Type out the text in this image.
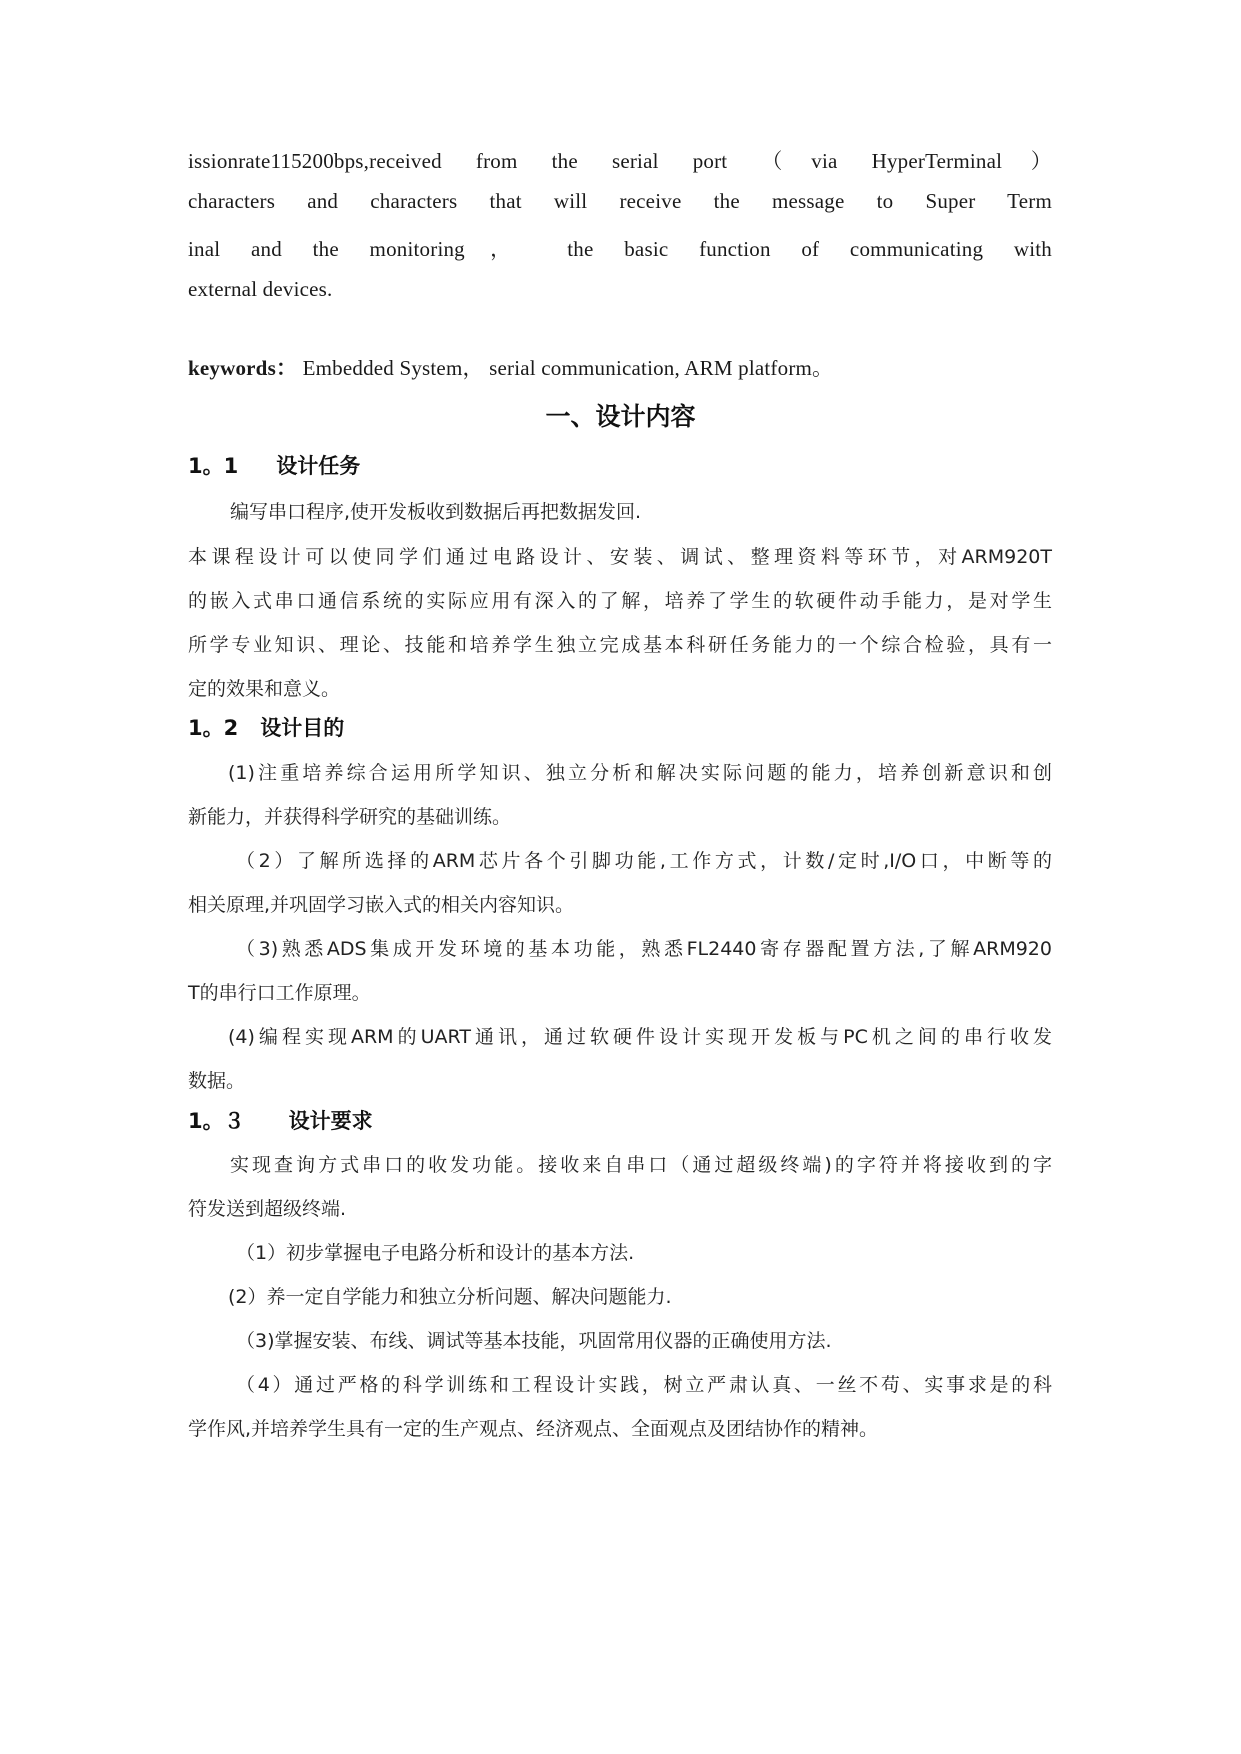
issionrate115200bps,received from the serial port （via HyperTerminal）
characters and characters that will receive the message to Super Term
inal and the monitoring， the basic function of communicating with
external devices.
keywords： Embedded System， serial communication, ARM platform。
一、设计内容
1。1 设计任务
编写串口程序,使开发板收到数据后再把数据发回.
本课程设计可以使同学们通过电路设计、安装、调试、整理资料等环节，对ARM920T
的嵌入式串口通信系统的实际应用有深入的了解，培养了学生的软硬件动手能力，是对学生
所学专业知识、理论、技能和培养学生独立完成基本科研任务能力的一个综合检验，具有一
定的效果和意义。
1。2 设计目的
(1)注重培养综合运用所学知识、独立分析和解决实际问题的能力，培养创新意识和创
新能力，并获得科学研究的基础训练。
（2）了解所选择的ARM芯片各个引脚功能,工作方式，计数/定时,I/O口，中断等的
相关原理,并巩固学习嵌入式的相关内容知识。
（3)熟悉ADS集成开发环境的基本功能，熟悉FL2440寄存器配置方法,了解ARM920
T的串行口工作原理。
(4)编程实现ARM的UART通讯，通过软硬件设计实现开发板与PC机之间的串行收发
数据。
1。３ 设计要求
实现查询方式串口的收发功能。接收来自串口（通过超级终端)的字符并将接收到的字
符发送到超级终端.
（1）初步掌握电子电路分析和设计的基本方法.
(2）养一定自学能力和独立分析问题、解决问题能力.
（3)掌握安装、布线、调试等基本技能，巩固常用仪器的正确使用方法.
（4）通过严格的科学训练和工程设计实践，树立严肃认真、一丝不苟、实事求是的科
学作风,并培养学生具有一定的生产观点、经济观点、全面观点及团结协作的精神。
